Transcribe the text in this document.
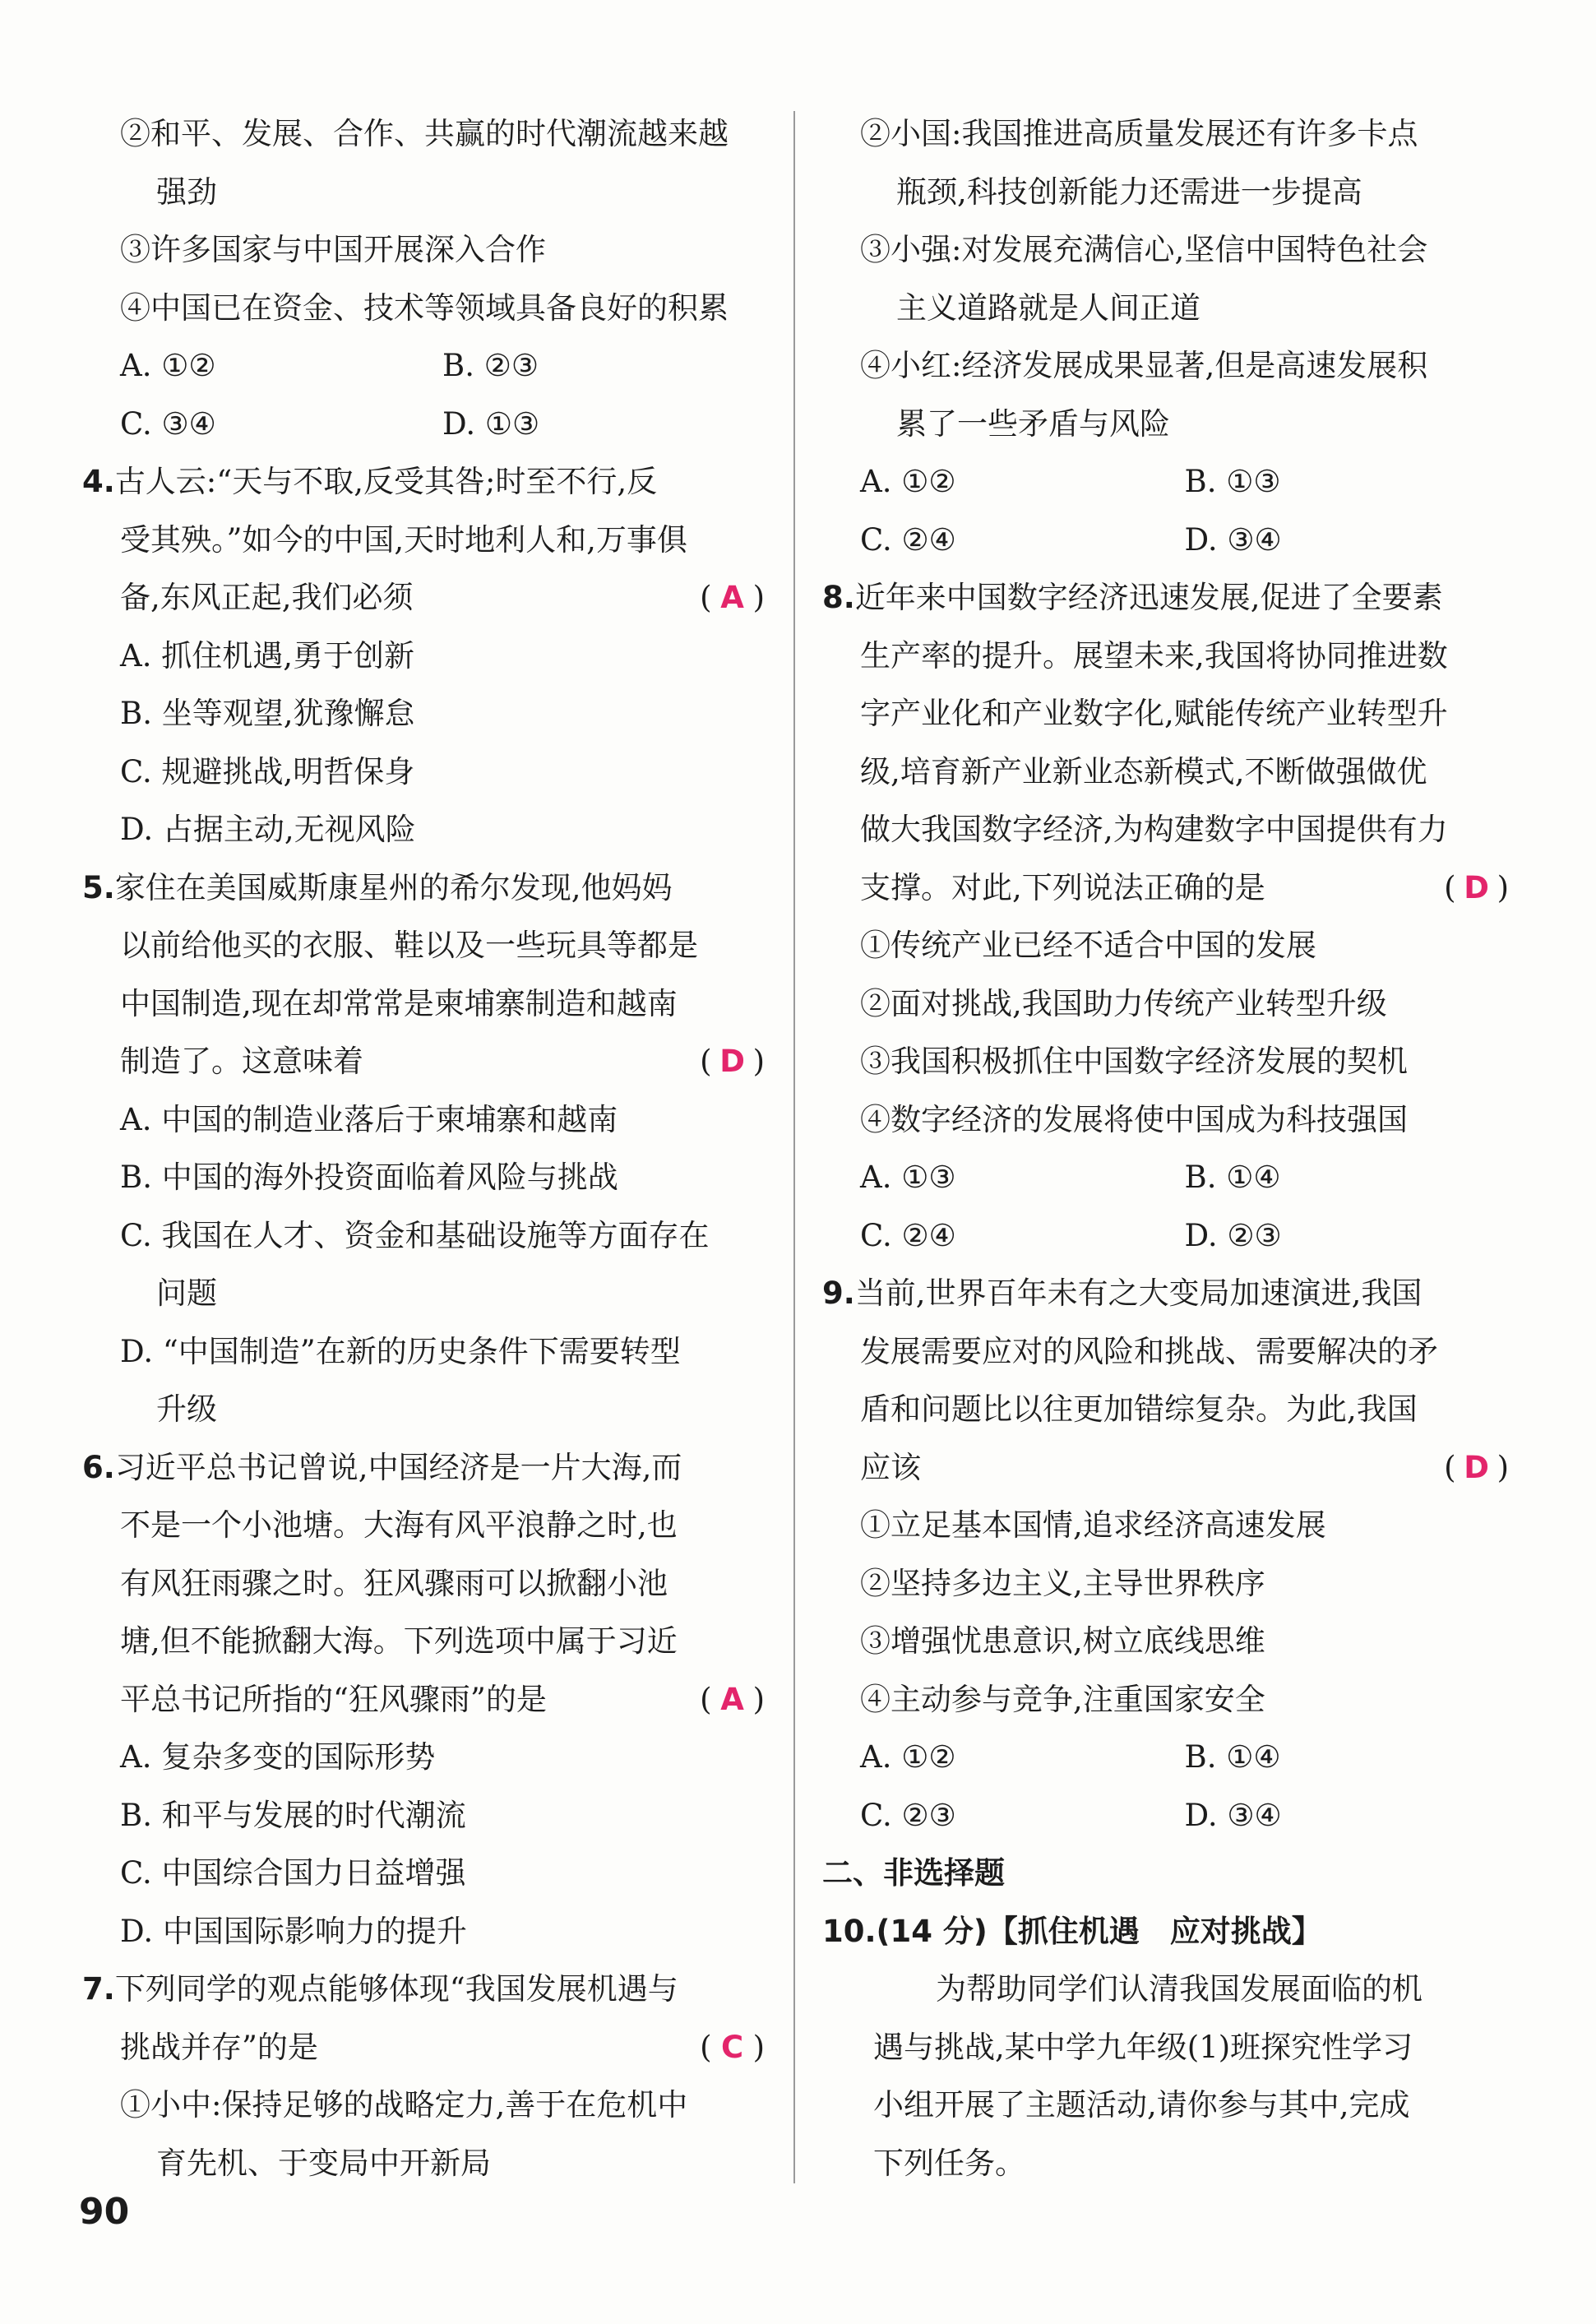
②和平、发展、合作、共赢的时代潮流越来越
强劲
③许多国家与中国开展深入合作
④中国已在资金、技术等领域具备良好的积累
A. ①②	B. ②③
C. ③④	D. ①③
4.古人云:“天与不取,反受其咎;时至不行,反
受其殃。”如今的中国,天时地利人和,万事俱
备,东风正起,我们必须	( A )
A. 抓住机遇,勇于创新
B. 坐等观望,犹豫懈怠
C. 规避挑战,明哲保身
D. 占据主动,无视风险
5.家住在美国威斯康星州的希尔发现,他妈妈
以前给他买的衣服、鞋以及一些玩具等都是
中国制造,现在却常常是柬埔寨制造和越南
制造了。这意味着	( D )
A. 中国的制造业落后于柬埔寨和越南
B. 中国的海外投资面临着风险与挑战
C. 我国在人才、资金和基础设施等方面存在
问题
D. “中国制造”在新的历史条件下需要转型
升级
6.习近平总书记曾说,中国经济是一片大海,而
不是一个小池塘。大海有风平浪静之时,也
有风狂雨骤之时。狂风骤雨可以掀翻小池
塘,但不能掀翻大海。下列选项中属于习近
平总书记所指的“狂风骤雨”的是	( A )
A. 复杂多变的国际形势
B. 和平与发展的时代潮流
C. 中国综合国力日益增强
D. 中国国际影响力的提升
7.下列同学的观点能够体现“我国发展机遇与
挑战并存”的是	( C )
①小中:保持足够的战略定力,善于在危机中
育先机、于变局中开新局
②小国:我国推进高质量发展还有许多卡点
瓶颈,科技创新能力还需进一步提高
③小强:对发展充满信心,坚信中国特色社会
主义道路就是人间正道
④小红:经济发展成果显著,但是高速发展积
累了一些矛盾与风险
A. ①②	B. ①③
C. ②④	D. ③④
8.近年来中国数字经济迅速发展,促进了全要素
生产率的提升。展望未来,我国将协同推进数
字产业化和产业数字化,赋能传统产业转型升
级,培育新产业新业态新模式,不断做强做优
做大我国数字经济,为构建数字中国提供有力
支撑。对此,下列说法正确的是	( D )
①传统产业已经不适合中国的发展
②面对挑战,我国助力传统产业转型升级
③我国积极抓住中国数字经济发展的契机
④数字经济的发展将使中国成为科技强国
A. ①③	B. ①④
C. ②④	D. ②③
9.当前,世界百年未有之大变局加速演进,我国
发展需要应对的风险和挑战、需要解决的矛
盾和问题比以往更加错综复杂。为此,我国
应该	( D )
①立足基本国情,追求经济高速发展
②坚持多边主义,主导世界秩序
③增强忧患意识,树立底线思维
④主动参与竞争,注重国家安全
A. ①②	B. ①④
C. ②③	D. ③④
二、非选择题
10.(14 分)【抓住机遇　应对挑战】
为帮助同学们认清我国发展面临的机
遇与挑战,某中学九年级(1)班探究性学习
小组开展了主题活动,请你参与其中,完成
下列任务。
90
